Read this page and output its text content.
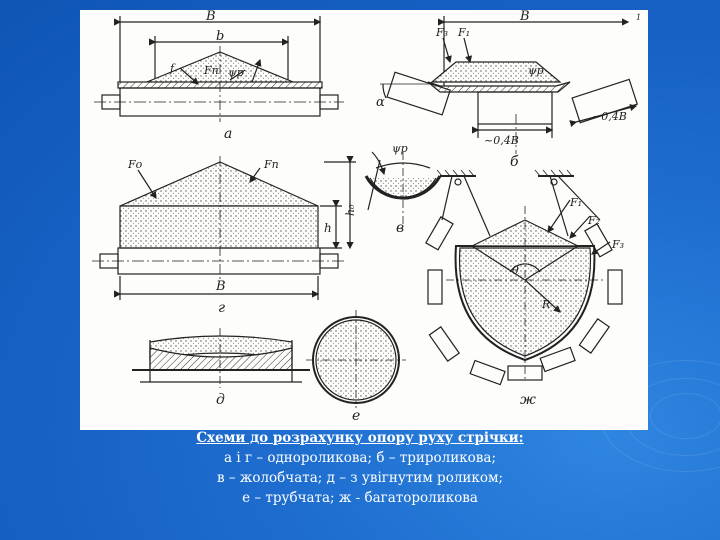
B
b
f	Fп ψр
а
B
F₃ F₁
ψр
α
~0,4B
~0,4B
б
Fо	Fп
h
h₀
B
г
ψр
в
д
е
F₁
F₂
F₃
θ
R
ж
1
Схеми до розрахунку опору руху стрічки:
а і г – однороликова; б – трироликова;
в – жолобчата; д – з увігнутим роликом;
е – трубчата; ж - багатороликова
